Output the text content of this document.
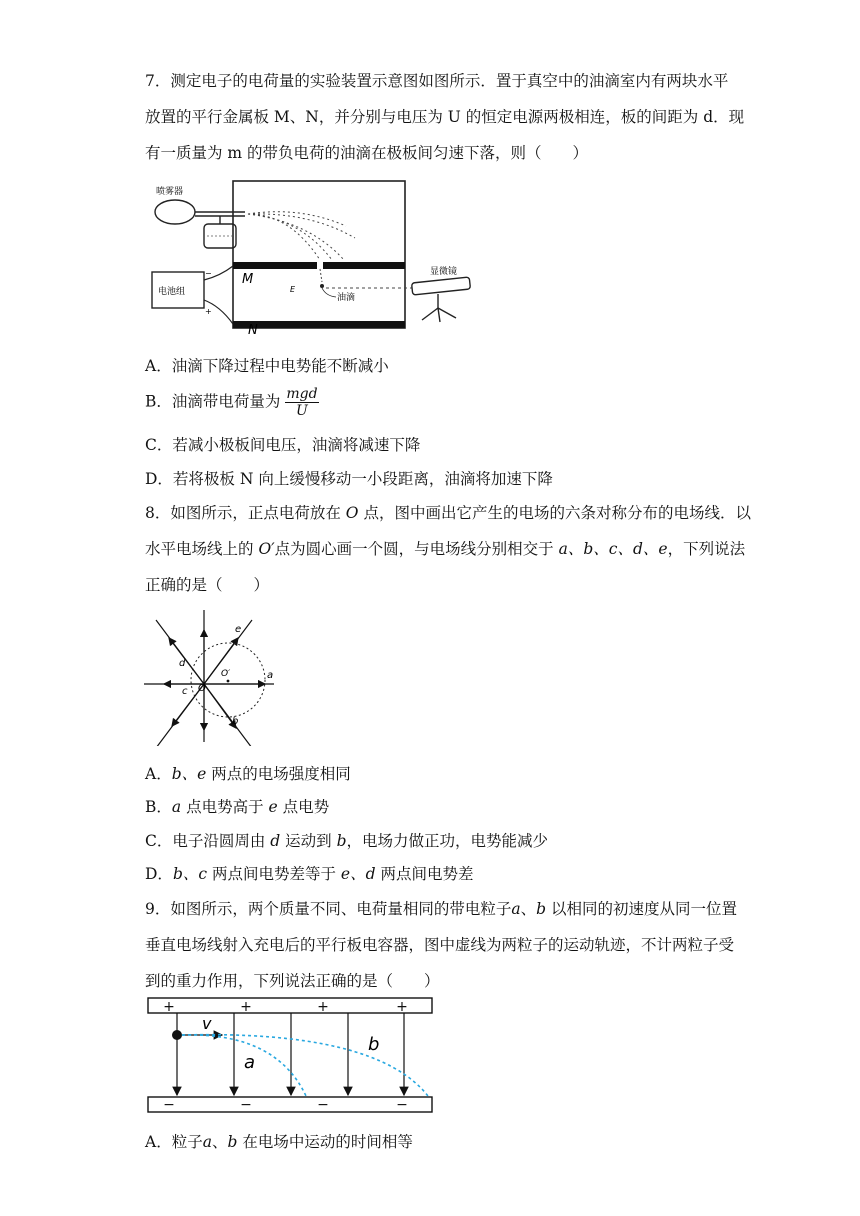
7．测定电子的电荷量的实验装置示意图如图所示．置于真空中的油滴室内有两块水平
放置的平行金属板 M、N，并分别与电压为 U 的恒定电源两极相连，板的间距为 d．现
有一质量为 m 的带负电荷的油滴在极板间匀速下落，则（　　）
喷雾器
电池组
−
+
M
N
E
油滴
显微镜
A．油滴下降过程中电势能不断减小
B．油滴带电荷量为 $\frac{\text{mgd}}{U}$
C．若减小极板间电压，油滴将减速下降
D．若将极板 N 向上缓慢移动一小段距离，油滴将加速下降
8．如图所示，正点电荷放在 O 点，图中画出它产生的电场的六条对称分布的电场线．以
水平电场线上的 O′点为圆心画一个圆，与电场线分别相交于 a、b、c、d、e，下列说法
正确的是（　　）
O
O′	a
b
c
d
e
A．b、e 两点的电场强度相同
B．a 点电势高于 e 点电势
C．电子沿圆周由 d 运动到 b，电场力做正功，电势能减少
D．b、c 两点间电势差等于 e、d 两点间电势差
9．如图所示，两个质量不同、电荷量相同的带电粒子a、b 以相同的初速度从同一位置
垂直电场线射入充电后的平行板电容器，图中虚线为两粒子的运动轨迹，不计两粒子受
到的重力作用，下列说法正确的是（　　）
+	+	+	+
−	−	−	−
v
a
b
A．粒子a、b 在电场中运动的时间相等
